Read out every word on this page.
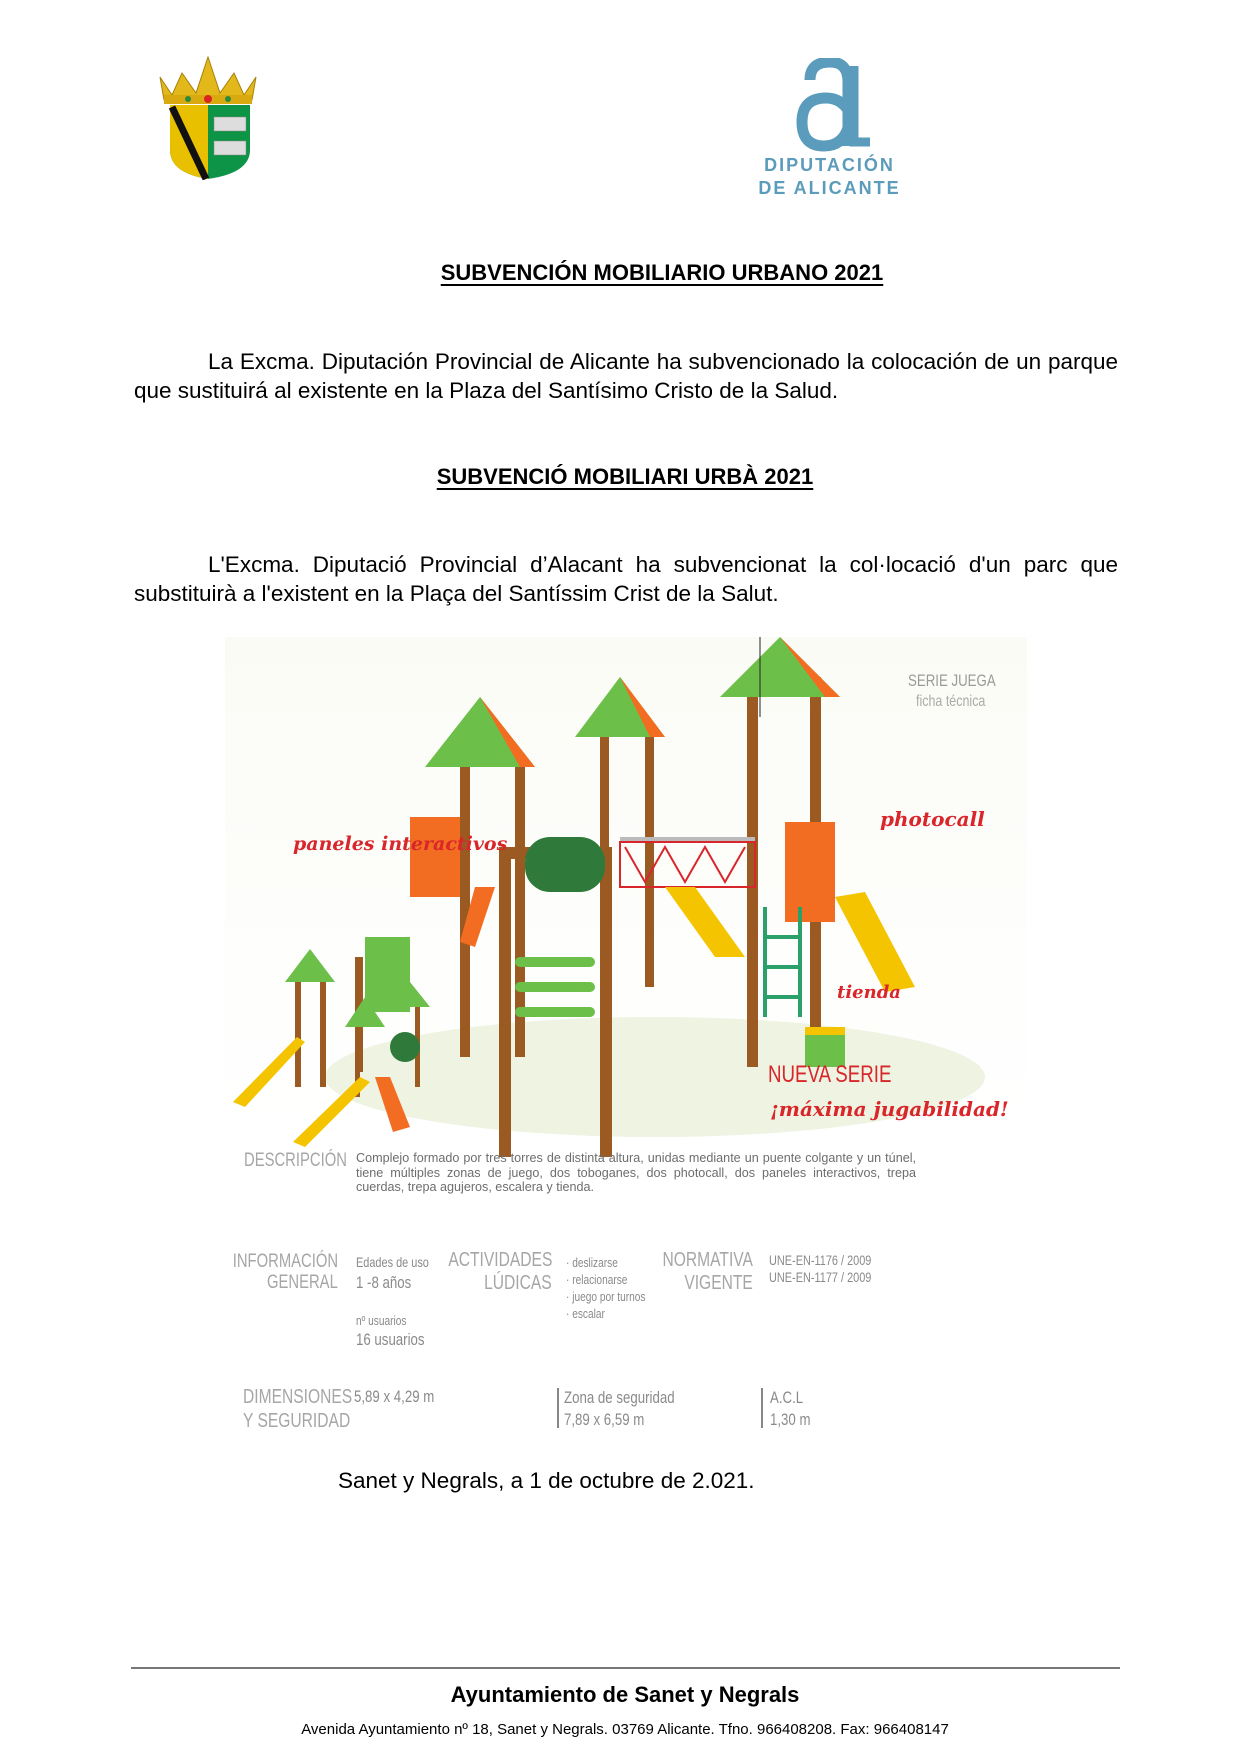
DIPUTACIÓN
DE ALICANTE
SUBVENCIÓN MOBILIARIO URBANO 2021
La Excma. Diputación Provincial de Alicante ha subvencionado la colocación de un parque que sustituirá al existente en la Plaza del Santísimo Cristo de la Salud.
SUBVENCIÓ MOBILIARI URBÀ 2021
L'Excma. Diputació Provincial d’Alacant ha subvencionat la col·locació d'un parc que substituirà a l'existent en la Plaça del Santíssim Crist de la Salut.
SERIE JUEGA
ficha técnica
paneles interactivos
photocall
tienda
NUEVA SERIE
¡máxima jugabilidad!
DESCRIPCIÓN Complejo formado por tres torres de distinta altura, unidas mediante un puente colgante y un túnel, tiene múltiples zonas de juego, dos toboganes, dos photocall, dos paneles interactivos, trepa cuerdas, trepa agujeros, escalera y tienda.
INFORMACIÓN
GENERAL
Edades de uso
1 -8 años
nº usuarios
16 usuarios
ACTIVIDADES
LÚDICAS
· deslizarse
· relacionarse
· juego por turnos
· escalar
NORMATIVA
VIGENTE
UNE-EN-1176 / 2009
UNE-EN-1177 / 2009
DIMENSIONES
Y SEGURIDAD
5,89 x 4,29 m	Zona de seguridad
7,89 x 6,59 m
A.C.L
1,30 m
Sanet y Negrals, a 1 de octubre de 2.021.
Ayuntamiento de Sanet y Negrals
Avenida Ayuntamiento nº 18, Sanet y Negrals. 03769 Alicante. Tfno. 966408208. Fax: 966408147
